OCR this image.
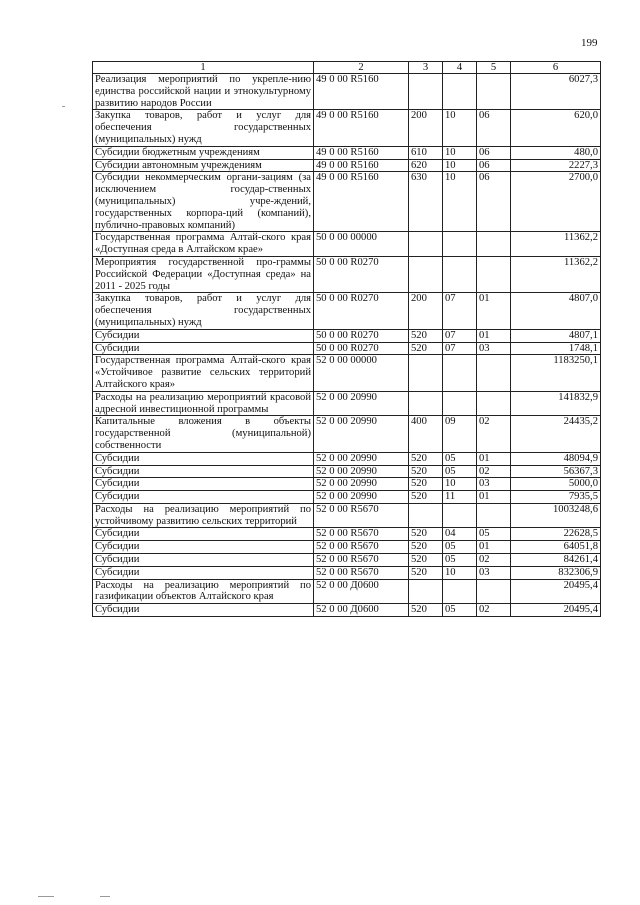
199
1	2	3	4	5	6
Реализация мероприятий по укрепле-нию единства российской нации и этнокультурному развитию народов России	49 0 00 R5160				6027,3
Закупка товаров, работ и услуг для обеспечения государственных (муниципальных) нужд	49 0 00 R5160	200	10	06	620,0
Субсидии бюджетным учреждениям	49 0 00 R5160	610	10	06	480,0
Субсидии автономным учреждениям	49 0 00 R5160	620	10	06	2227,3
Субсидии некоммерческим органи-зациям (за исключением государ-ственных (муниципальных) учре-ждений, государственных корпора-ций (компаний), публично-правовых компаний)	49 0 00 R5160	630	10	06	2700,0
Государственная программа Алтай-ского края «Доступная среда в Алтайском крае»	50 0 00 00000				11362,2
Мероприятия государственной про-граммы Российской Федерации «Доступная среда» на 2011 - 2025 годы	50 0 00 R0270				11362,2
Закупка товаров, работ и услуг для обеспечения государственных (муниципальных) нужд	50 0 00 R0270	200	07	01	4807,0
Субсидии	50 0 00 R0270	520	07	01	4807,1
Субсидии	50 0 00 R0270	520	07	03	1748,1
Государственная программа Алтай-ского края «Устойчивое развитие сельских территорий Алтайского края»	52 0 00 00000				1183250,1
Расходы на реализацию мероприятий красовой адресной инвестиционной программы	52 0 00 20990				141832,9
Капитальные вложения в объекты государственной (муниципальной) собственности	52 0 00 20990	400	09	02	24435,2
Субсидии	52 0 00 20990	520	05	01	48094,9
Субсидии	52 0 00 20990	520	05	02	56367,3
Субсидии	52 0 00 20990	520	10	03	5000,0
Субсидии	52 0 00 20990	520	11	01	7935,5
Расходы на реализацию мероприятий по устойчивому развитию сельских территорий	52 0 00 R5670				1003248,6
Субсидии	52 0 00 R5670	520	04	05	22628,5
Субсидии	52 0 00 R5670	520	05	01	64051,8
Субсидии	52 0 00 R5670	520	05	02	84261,4
Субсидии	52 0 00 R5670	520	10	03	832306,9
Расходы на реализацию мероприятий по газификации объектов Алтайского края	52 0 00 Д0600				20495,4
Субсидии	52 0 00 Д0600	520	05	02	20495,4
